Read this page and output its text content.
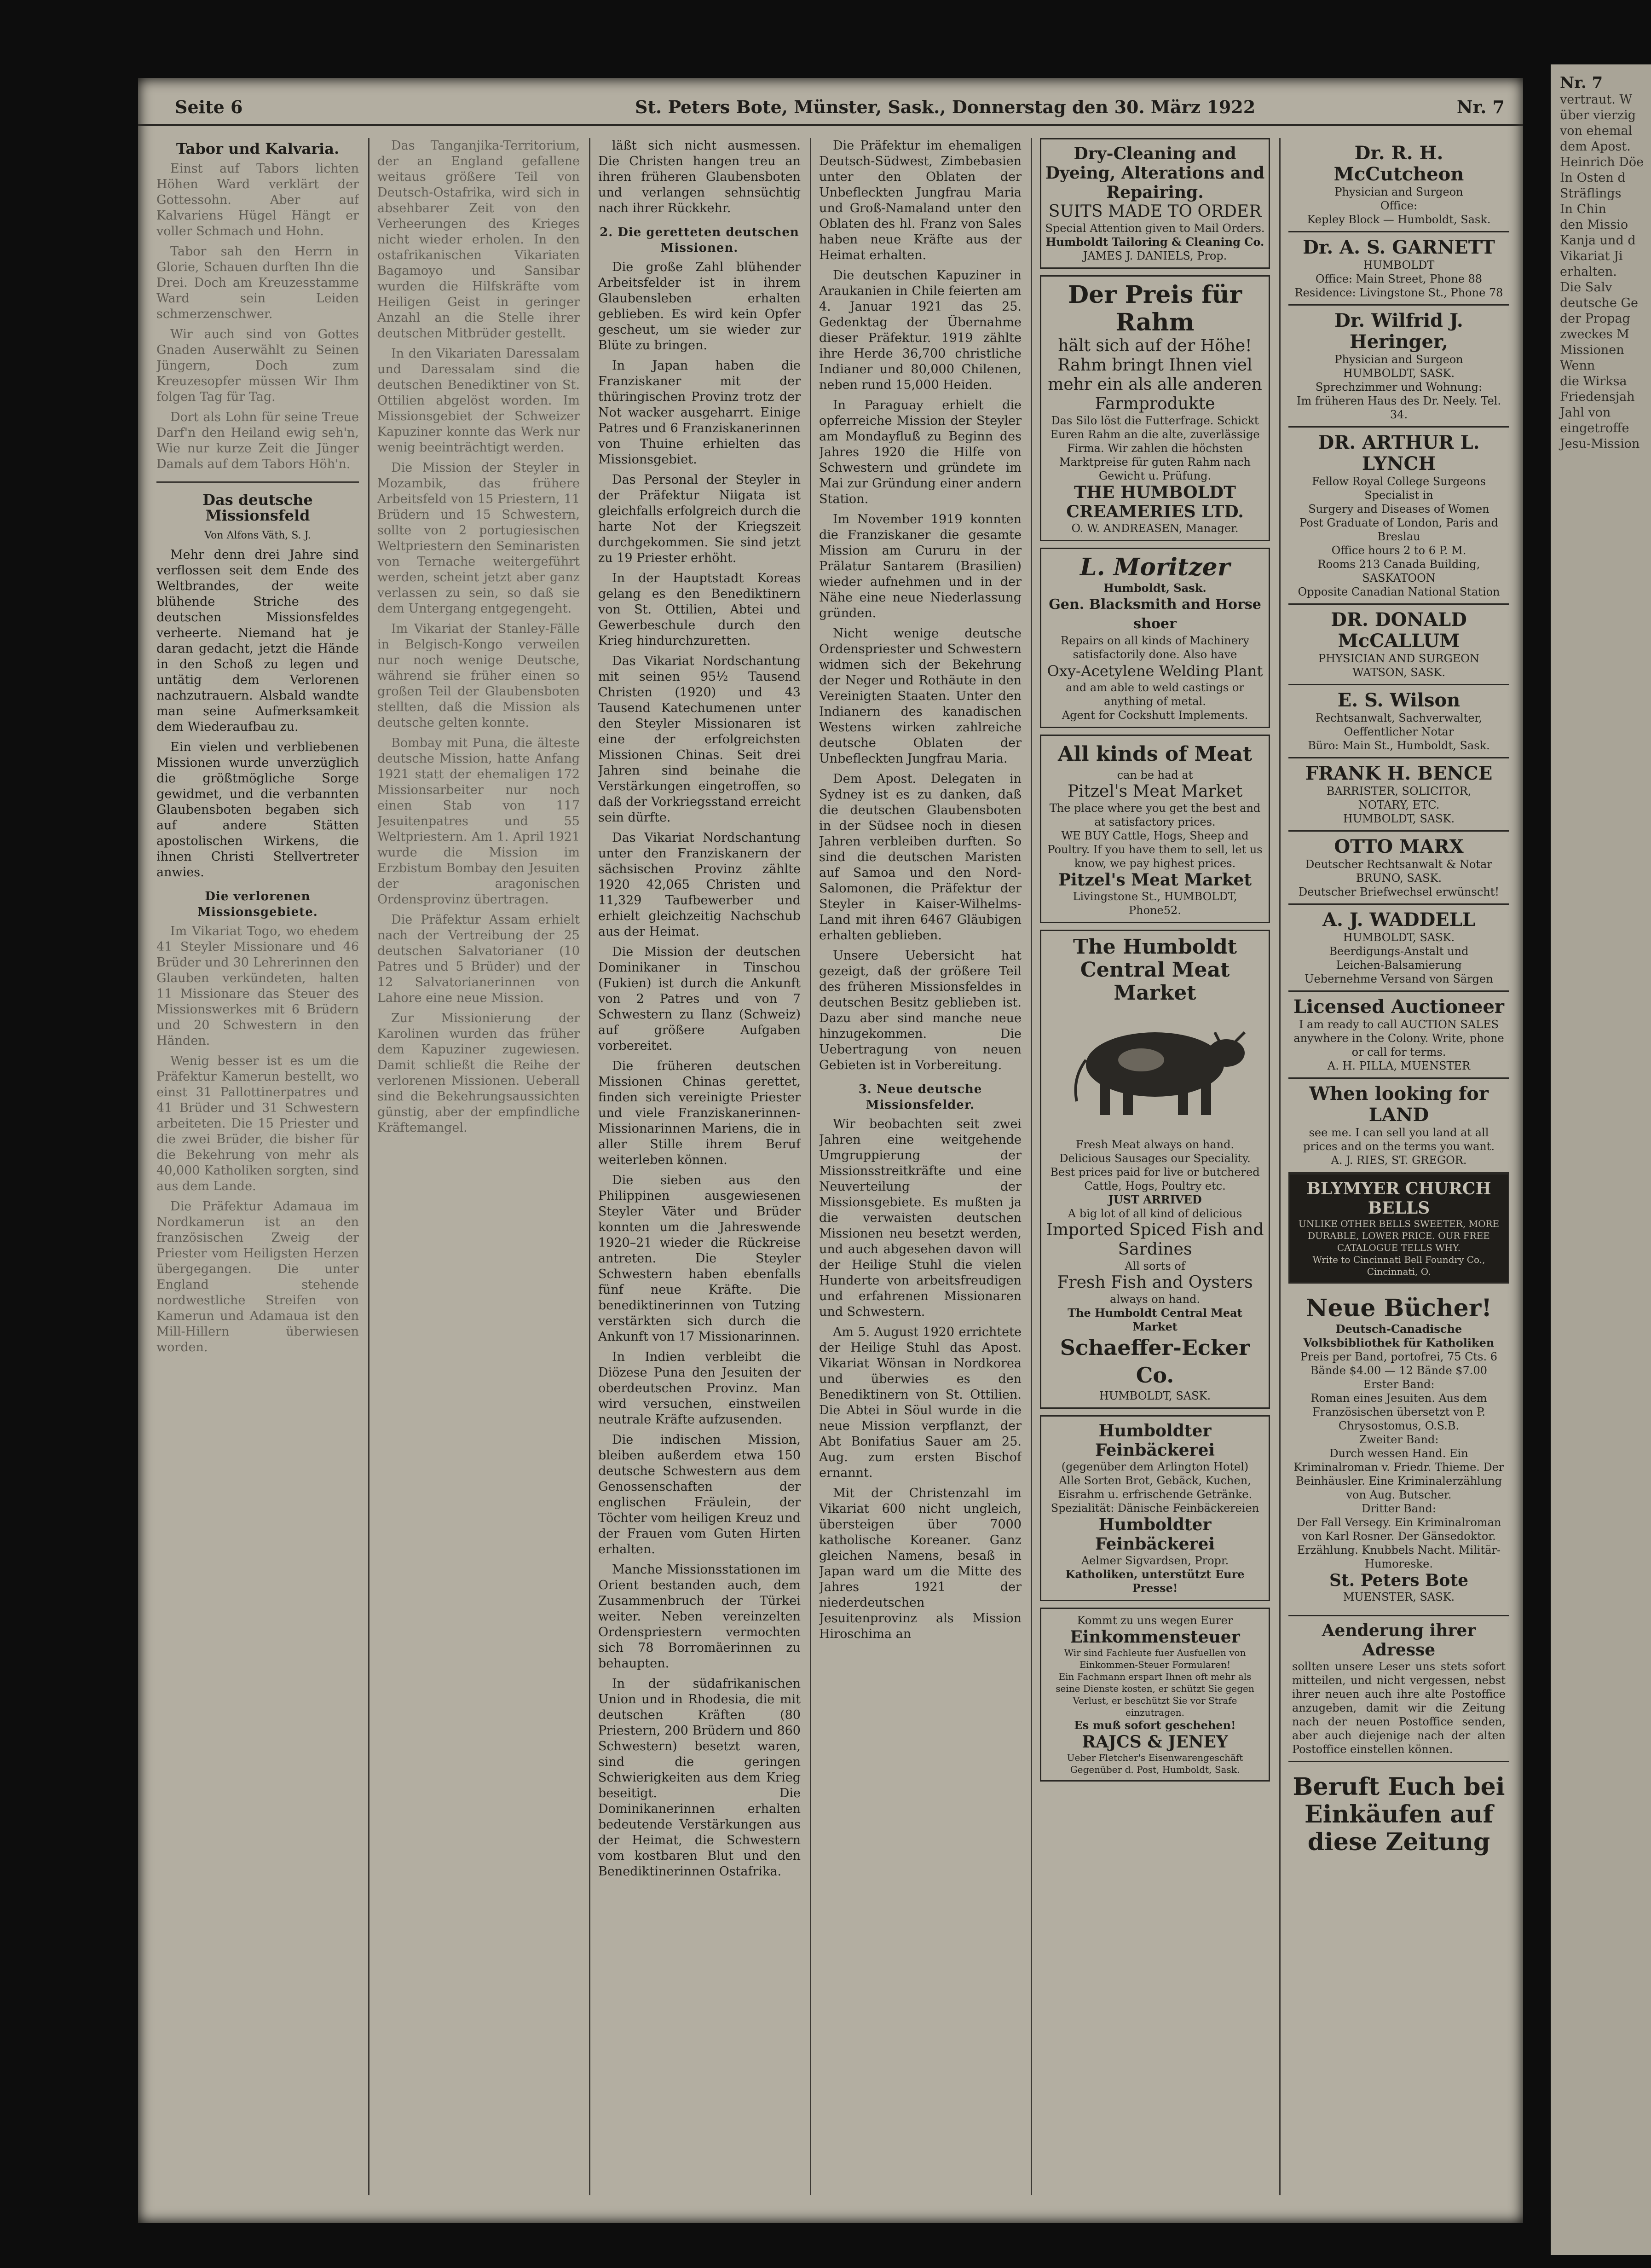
Seite 6	St. Peters Bote, Münster, Sask., Donnerstag den 30. März 1922	Nr. 7
Tabor und Kalvaria.

Einst auf Tabors lichten Höhen Ward verklärt der Gottessohn. Aber auf Kalvariens Hügel Hängt er voller Schmach und Hohn.

Tabor sah den Herrn in Glorie, Schauen durften Ihn die Drei. Doch am Kreuzesstamme Ward sein Leiden schmerzenschwer.

Wir auch sind von Gottes Gnaden Auserwählt zu Seinen Jüngern, Doch zum Kreuzesopfer müssen Wir Ihm folgen Tag für Tag.

Dort als Lohn für seine Treue Darf'n den Heiland ewig seh'n, Wie nur kurze Zeit die Jünger Damals auf dem Tabors Höh'n.

Das deutsche Missionsfeld
Von Alfons Väth, S. J.

Mehr denn drei Jahre sind verflossen seit dem Ende des Weltbrandes, der weite blühende Striche des deutschen Missionsfeldes verheerte. Niemand hat je daran gedacht, jetzt die Hände in den Schoß zu legen und untätig dem Verlorenen nachzutrauern. Alsbald wandte man seine Aufmerksamkeit dem Wiederaufbau zu.

Ein vielen und verbliebenen Missionen wurde unverzüglich die größtmögliche Sorge gewidmet, und die verbannten Glaubensboten begaben sich auf andere Stätten apostolischen Wirkens, die ihnen Christi Stellvertreter anwies.

Die verlorenen Missionsgebiete.

Im Vikariat Togo, wo ehedem 41 Steyler Missionare und 46 Brüder und 30 Lehrerinnen den Glauben verkündeten, halten 11 Missionare das Steuer des Missionswerkes mit 6 Brüdern und 20 Schwestern in den Händen.

Wenig besser ist es um die Präfektur Kamerun bestellt, wo einst 31 Pallottinerpatres und 41 Brüder und 31 Schwestern arbeiteten. Die 15 Priester und die zwei Brüder, die bisher für die Bekehrung von mehr als 40,000 Katholiken sorgten, sind aus dem Lande.

Die Präfektur Adamaua im Nordkamerun ist an den französischen Zweig der Priester vom Heiligsten Herzen übergegangen. Die unter England stehende nordwestliche Streifen von Kamerun und Adamaua ist den Mill-Hillern überwiesen worden.

Das Tanganjika-Territorium, der an England gefallene weitaus größere Teil von Deutsch-Ostafrika, wird sich in absehbarer Zeit von den Verheerungen des Krieges nicht wieder erholen. In den ostafrikanischen Vikariaten Bagamoyo und Sansibar wurden die Hilfskräfte vom Heiligen Geist in geringer Anzahl an die Stelle ihrer deutschen Mitbrüder gestellt.

In den Vikariaten Daressalam und Daressalam sind die deutschen Benediktiner von St. Ottilien abgelöst worden. Im Missionsgebiet der Schweizer Kapuziner konnte das Werk nur wenig beeinträchtigt werden.

Die Mission der Steyler in Mozambik, das frühere Arbeitsfeld von 15 Priestern, 11 Brüdern und 15 Schwestern, sollte von 2 portugiesischen Weltpriestern den Seminaristen von Ternache weitergeführt werden, scheint jetzt aber ganz verlassen zu sein, so daß sie dem Untergang entgegengeht.

Im Vikariat der Stanley-Fälle in Belgisch-Kongo verweilen nur noch wenige Deutsche, während sie früher einen so großen Teil der Glaubensboten stellten, daß die Mission als deutsche gelten konnte.

Bombay mit Puna, die älteste deutsche Mission, hatte Anfang 1921 statt der ehemaligen 172 Missionsarbeiter nur noch einen Stab von 117 Jesuitenpatres und 55 Weltpriestern. Am 1. April 1921 wurde die Mission im Erzbistum Bombay den Jesuiten der aragonischen Ordensprovinz übertragen.

Die Präfektur Assam erhielt nach der Vertreibung der 25 deutschen Salvatorianer (10 Patres und 5 Brüder) und der 12 Salvatorianerinnen von Lahore eine neue Mission.

Zur Missionierung der Karolinen wurden das früher dem Kapuziner zugewiesen. Damit schließt die Reihe der verlorenen Missionen. Ueberall sind die Bekehrungsaussichten günstig, aber der empfindliche Kräftemangel.

läßt sich nicht ausmessen. Die Christen hangen treu an ihren früheren Glaubensboten und verlangen sehnsüchtig nach ihrer Rückkehr.

2. Die geretteten deutschen Missionen.

Die große Zahl blühender Arbeitsfelder ist in ihrem Glaubensleben erhalten geblieben. Es wird kein Opfer gescheut, um sie wieder zur Blüte zu bringen.

In Japan haben die Franziskaner mit der thüringischen Provinz trotz der Not wacker ausgeharrt. Einige Patres und 6 Franziskanerinnen von Thuine erhielten das Missionsgebiet.

Das Personal der Steyler in der Präfektur Niigata ist gleichfalls erfolgreich durch die harte Not der Kriegszeit durchgekommen. Sie sind jetzt zu 19 Priester erhöht.

In der Hauptstadt Koreas gelang es den Benediktinern von St. Ottilien, Abtei und Gewerbeschule durch den Krieg hindurchzuretten.

Das Vikariat Nordschantung mit seinen 95½ Tausend Christen (1920) und 43 Tausend Katechumenen unter den Steyler Missionaren ist eine der erfolgreichsten Missionen Chinas. Seit drei Jahren sind beinahe die Verstärkungen eingetroffen, so daß der Vorkriegsstand erreicht sein dürfte.

Das Vikariat Nordschantung unter den Franziskanern der sächsischen Provinz zählte 1920 42,065 Christen und 11,329 Taufbewerber und erhielt gleichzeitig Nachschub aus der Heimat.

Die Mission der deutschen Dominikaner in Tinschou (Fukien) ist durch die Ankunft von 2 Patres und von 7 Schwestern zu Ilanz (Schweiz) auf größere Aufgaben vorbereitet.

Die früheren deutschen Missionen Chinas gerettet, finden sich vereinigte Priester und viele Franziskanerinnen-Missionarinnen Mariens, die in aller Stille ihrem Beruf weiterleben können.

Die sieben aus den Philippinen ausgewiesenen Steyler Väter und Brüder konnten um die Jahreswende 1920–21 wieder die Rückreise antreten. Die Steyler Schwestern haben ebenfalls fünf neue Kräfte. Die benediktinerinnen von Tutzing verstärkten sich durch die Ankunft von 17 Missionarinnen.

In Indien verbleibt die Diözese Puna den Jesuiten der oberdeutschen Provinz. Man wird versuchen, einstweilen neutrale Kräfte aufzusenden.

Die indischen Mission, bleiben außerdem etwa 150 deutsche Schwestern aus dem Genossenschaften der englischen Fräulein, der Töchter vom heiligen Kreuz und der Frauen vom Guten Hirten erhalten.

Manche Missionsstationen im Orient bestanden auch, dem Zusammenbruch der Türkei weiter. Neben vereinzelten Ordenspriestern vermochten sich 78 Borromäerinnen zu behaupten.

In der südafrikanischen Union und in Rhodesia, die mit deutschen Kräften (80 Priestern, 200 Brüdern und 860 Schwestern) besetzt waren, sind die geringen Schwierigkeiten aus dem Krieg beseitigt. Die Dominikanerinnen erhalten bedeutende Verstärkungen aus der Heimat, die Schwestern vom kostbaren Blut und den Benediktinerinnen Ostafrika.

Die Präfektur im ehemaligen Deutsch-Südwest, Zimbebasien unter den Oblaten der Unbefleckten Jungfrau Maria und Groß-Namaland unter den Oblaten des hl. Franz von Sales haben neue Kräfte aus der Heimat erhalten.

Die deutschen Kapuziner in Araukanien in Chile feierten am 4. Januar 1921 das 25. Gedenktag der Übernahme dieser Präfektur. 1919 zählte ihre Herde 36,700 christliche Indianer und 80,000 Chilenen, neben rund 15,000 Heiden.

In Paraguay erhielt die opferreiche Mission der Steyler am Mondayfluß zu Beginn des Jahres 1920 die Hilfe von Schwestern und gründete im Mai zur Gründung einer andern Station.

Im November 1919 konnten die Franziskaner die gesamte Mission am Cururu in der Prälatur Santarem (Brasilien) wieder aufnehmen und in der Nähe eine neue Niederlassung gründen.

Nicht wenige deutsche Ordenspriester und Schwestern widmen sich der Bekehrung der Neger und Rothäute in den Vereinigten Staaten. Unter den Indianern des kanadischen Westens wirken zahlreiche deutsche Oblaten der Unbefleckten Jungfrau Maria.

Dem Apost. Delegaten in Sydney ist es zu danken, daß die deutschen Glaubensboten in der Südsee noch in diesen Jahren verbleiben durften. So sind die deutschen Maristen auf Samoa und den Nord-Salomonen, die Präfektur der Steyler in Kaiser-Wilhelms-Land mit ihren 6467 Gläubigen erhalten geblieben.

Unsere Uebersicht hat gezeigt, daß der größere Teil des früheren Missionsfeldes in deutschen Besitz geblieben ist. Dazu aber sind manche neue hinzugekommen. Die Uebertragung von neuen Gebieten ist in Vorbereitung.

3. Neue deutsche Missionsfelder.

Wir beobachten seit zwei Jahren eine weitgehende Umgruppierung der Missionsstreitkräfte und eine Neuverteilung der Missionsgebiete. Es mußten ja die verwaisten deutschen Missionen neu besetzt werden, und auch abgesehen davon will der Heilige Stuhl die vielen Hunderte von arbeitsfreudigen und erfahrenen Missionaren und Schwestern.

Am 5. August 1920 errichtete der Heilige Stuhl das Apost. Vikariat Wönsan in Nordkorea und überwies es den Benediktinern von St. Ottilien. Die Abtei in Söul wurde in die neue Mission verpflanzt, der Abt Bonifatius Sauer am 25. Aug. zum ersten Bischof ernannt.

Mit der Christenzahl im Vikariat 600 nicht ungleich, übersteigen über 7000 katholische Koreaner. Ganz gleichen Namens, besaß in Japan ward um die Mitte des Jahres 1921 der niederdeutschen Jesuitenprovinz als Mission Hiroschima an

Dry-Cleaning and Dyeing, Alterations and Repairing.
SUITS MADE TO ORDER
Special Attention given to Mail Orders.
Humboldt Tailoring & Cleaning Co.
JAMES J. DANIELS, Prop.
Der Preis für Rahm
hält sich auf der Höhe!
Rahm bringt Ihnen viel mehr ein als alle anderen Farmprodukte
Das Silo löst die Futterfrage. Schickt Euren Rahm an die alte, zuverlässige Firma. Wir zahlen die höchsten Marktpreise für guten Rahm nach Gewicht u. Prüfung.
THE HUMBOLDT CREAMERIES LTD.
O. W. ANDREASEN, Manager.
L. Moritzer
Humboldt, Sask.
Gen. Blacksmith and Horse shoer
Repairs on all kinds of Machinery satisfactorily done. Also have
Oxy-Acetylene Welding Plant
and am able to weld castings or anything of metal.
Agent for Cockshutt Implements.
All kinds of Meat
can be had at
Pitzel's Meat Market
The place where you get the best and at satisfactory prices.
WE BUY Cattle, Hogs, Sheep and Poultry. If you have them to sell, let us know, we pay highest prices.
Pitzel's Meat Market
Livingstone St., HUMBOLDT, Phone52.
The Humboldt Central Meat Market
Fresh Meat always on hand.
Delicious Sausages our Speciality.
Best prices paid for live or butchered Cattle, Hogs, Poultry etc.
JUST ARRIVED
A big lot of all kind of delicious
Imported Spiced Fish and Sardines
All sorts of
Fresh Fish and Oysters
always on hand.
The Humboldt Central Meat Market
Schaeffer-Ecker Co.
HUMBOLDT, SASK.
Humboldter Feinbäckerei
(gegenüber dem Arlington Hotel)
Alle Sorten Brot, Gebäck, Kuchen, Eisrahm u. erfrischende Getränke. Spezialität: Dänische Feinbäckereien
Humboldter Feinbäckerei
Aelmer Sigvardsen, Propr.
Katholiken, unterstützt Eure Presse!
Kommt zu uns wegen Eurer
Einkommensteuer
Wir sind Fachleute fuer Ausfuellen von Einkommen-Steuer Formularen!
Ein Fachmann erspart Ihnen oft mehr als seine Dienste kosten, er schützt Sie gegen Verlust, er beschützt Sie vor Strafe einzutragen.
Es muß sofort geschehen!
RAJCS & JENEY
Ueber Fletcher's Eisenwarengeschäft Gegenüber d. Post, Humboldt, Sask.
Dr. R. H. McCutcheon
Physician and Surgeon
Office:
Kepley Block — Humboldt, Sask.
Dr. A. S. GARNETT
HUMBOLDT
Office: Main Street, Phone 88
Residence: Livingstone St., Phone 78
Dr. Wilfrid J. Heringer,
Physician and Surgeon
HUMBOLDT, SASK.
Sprechzimmer und Wohnung:
Im früheren Haus des Dr. Neely. Tel. 34.
DR. ARTHUR L. LYNCH
Fellow Royal College Surgeons
Specialist in
Surgery and Diseases of Women
Post Graduate of London, Paris and Breslau
Office hours 2 to 6 P. M.
Rooms 213 Canada Building, SASKATOON
Opposite Canadian National Station
DR. DONALD McCALLUM
PHYSICIAN AND SURGEON
WATSON, SASK.
E. S. Wilson
Rechtsanwalt, Sachverwalter,
Oeffentlicher Notar
Büro: Main St., Humboldt, Sask.
FRANK H. BENCE
BARRISTER, SOLICITOR,
NOTARY, ETC.
HUMBOLDT, SASK.
OTTO MARX
Deutscher Rechtsanwalt & Notar
BRUNO, SASK.
Deutscher Briefwechsel erwünscht!
A. J. WADDELL
HUMBOLDT, SASK.
Beerdigungs-Anstalt und
Leichen-Balsamierung
Uebernehme Versand von Särgen
Licensed Auctioneer
I am ready to call AUCTION SALES anywhere in the Colony. Write, phone or call for terms.
A. H. PILLA, MUENSTER
When looking for LAND
see me. I can sell you land at all prices and on the terms you want.
A. J. RIES, ST. GREGOR.
BLYMYER CHURCH BELLS
UNLIKE OTHER BELLS SWEETER, MORE DURABLE, LOWER PRICE. OUR FREE CATALOGUE TELLS WHY.
Write to Cincinnati Bell Foundry Co., Cincinnati, O.
Neue Bücher!
Deutsch-Canadische Volksbibliothek für Katholiken
Preis per Band, portofrei, 75 Cts. 6 Bände $4.00 — 12 Bände $7.00
Erster Band:
Roman eines Jesuiten. Aus dem Französischen übersetzt von P. Chrysostomus, O.S.B.
Zweiter Band:
Durch wessen Hand. Ein Kriminalroman v. Friedr. Thieme. Der Beinhäusler. Eine Kriminalerzählung von Aug. Butscher.
Dritter Band:
Der Fall Versegy. Ein Kriminalroman von Karl Rosner. Der Gänsedoktor. Erzählung. Knubbels Nacht. Militär-Humoreske.
St. Peters Bote
MUENSTER, SASK.
Aenderung ihrer Adresse
sollten unsere Leser uns stets sofort mitteilen, und nicht vergessen, nebst ihrer neuen auch ihre alte Postoffice anzugeben, damit wir die Zeitung nach der neuen Postoffice senden, aber auch diejenige nach der alten Postoffice einstellen können.
Beruft Euch bei Einkäufen auf diese Zeitung
Nr. 7
vertraut. W
über vierzig
von ehemal
dem Apost.
Heinrich Döe
In Osten d
Sträflings
In Chin
den Missio
Kanja und d
Vikariat Ji
erhalten.
Die Salv
deutsche Ge
der Propag
zweckes M
Missionen
Wenn
die Wirksa
Friedensjah
Jahl von
eingetroffe
Jesu-Mission
